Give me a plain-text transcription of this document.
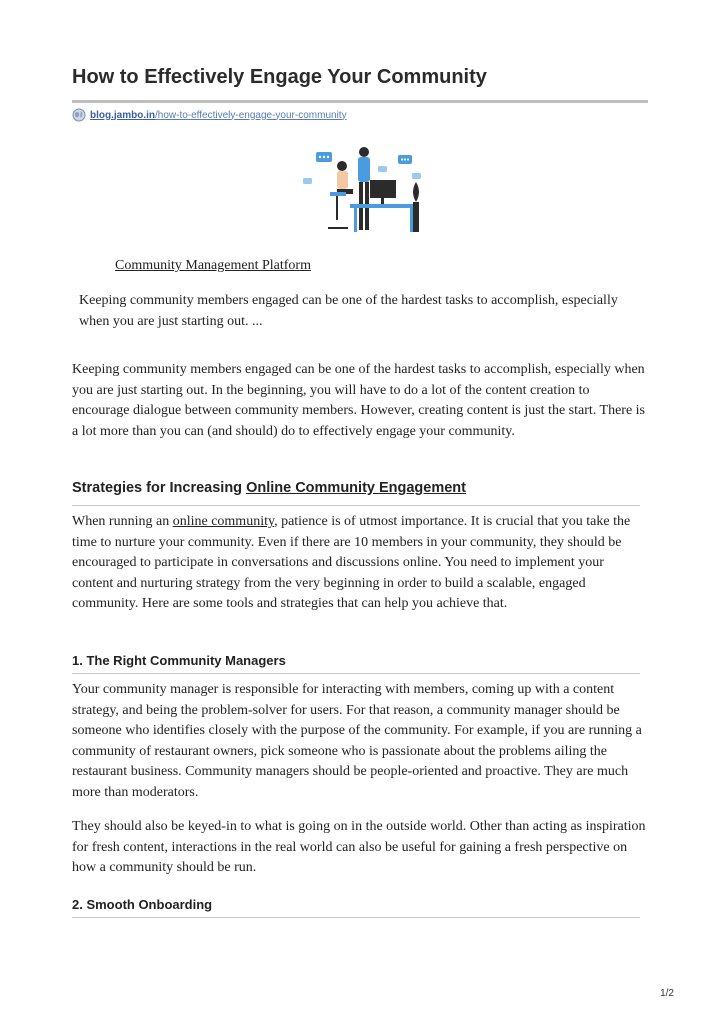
How to Effectively Engage Your Community
blog.jambo.in /how-to-effectively-engage-your-community
Community Management Platform

Keeping community members engaged can be one of the hardest tasks to accomplish, especially when you are just starting out. ...

Keeping community members engaged can be one of the hardest tasks to accomplish, especially when you are just starting out. In the beginning, you will have to do a lot of the content creation to encourage dialogue between community members. However, creating content is just the start. There is a lot more than you can (and should) do to effectively engage your community.

Strategies for Increasing Online Community Engagement

When running an online community, patience is of utmost importance. It is crucial that you take the time to nurture your community. Even if there are 10 members in your community, they should be encouraged to participate in conversations and discussions online. You need to implement your content and nurturing strategy from the very beginning in order to build a scalable, engaged community. Here are some tools and strategies that can help you achieve that.

1. The Right Community Managers

Your community manager is responsible for interacting with members, coming up with a content strategy, and being the problem-solver for users. For that reason, a community manager should be someone who identifies closely with the purpose of the community. For example, if you are running a community of restaurant owners, pick someone who is passionate about the problems ailing the restaurant business. Community managers should be people-oriented and proactive. They are much more than moderators.

They should also be keyed-in to what is going on in the outside world. Other than acting as inspiration for fresh content, interactions in the real world can also be useful for gaining a fresh perspective on how a community should be run.

2. Smooth Onboarding
1/2
